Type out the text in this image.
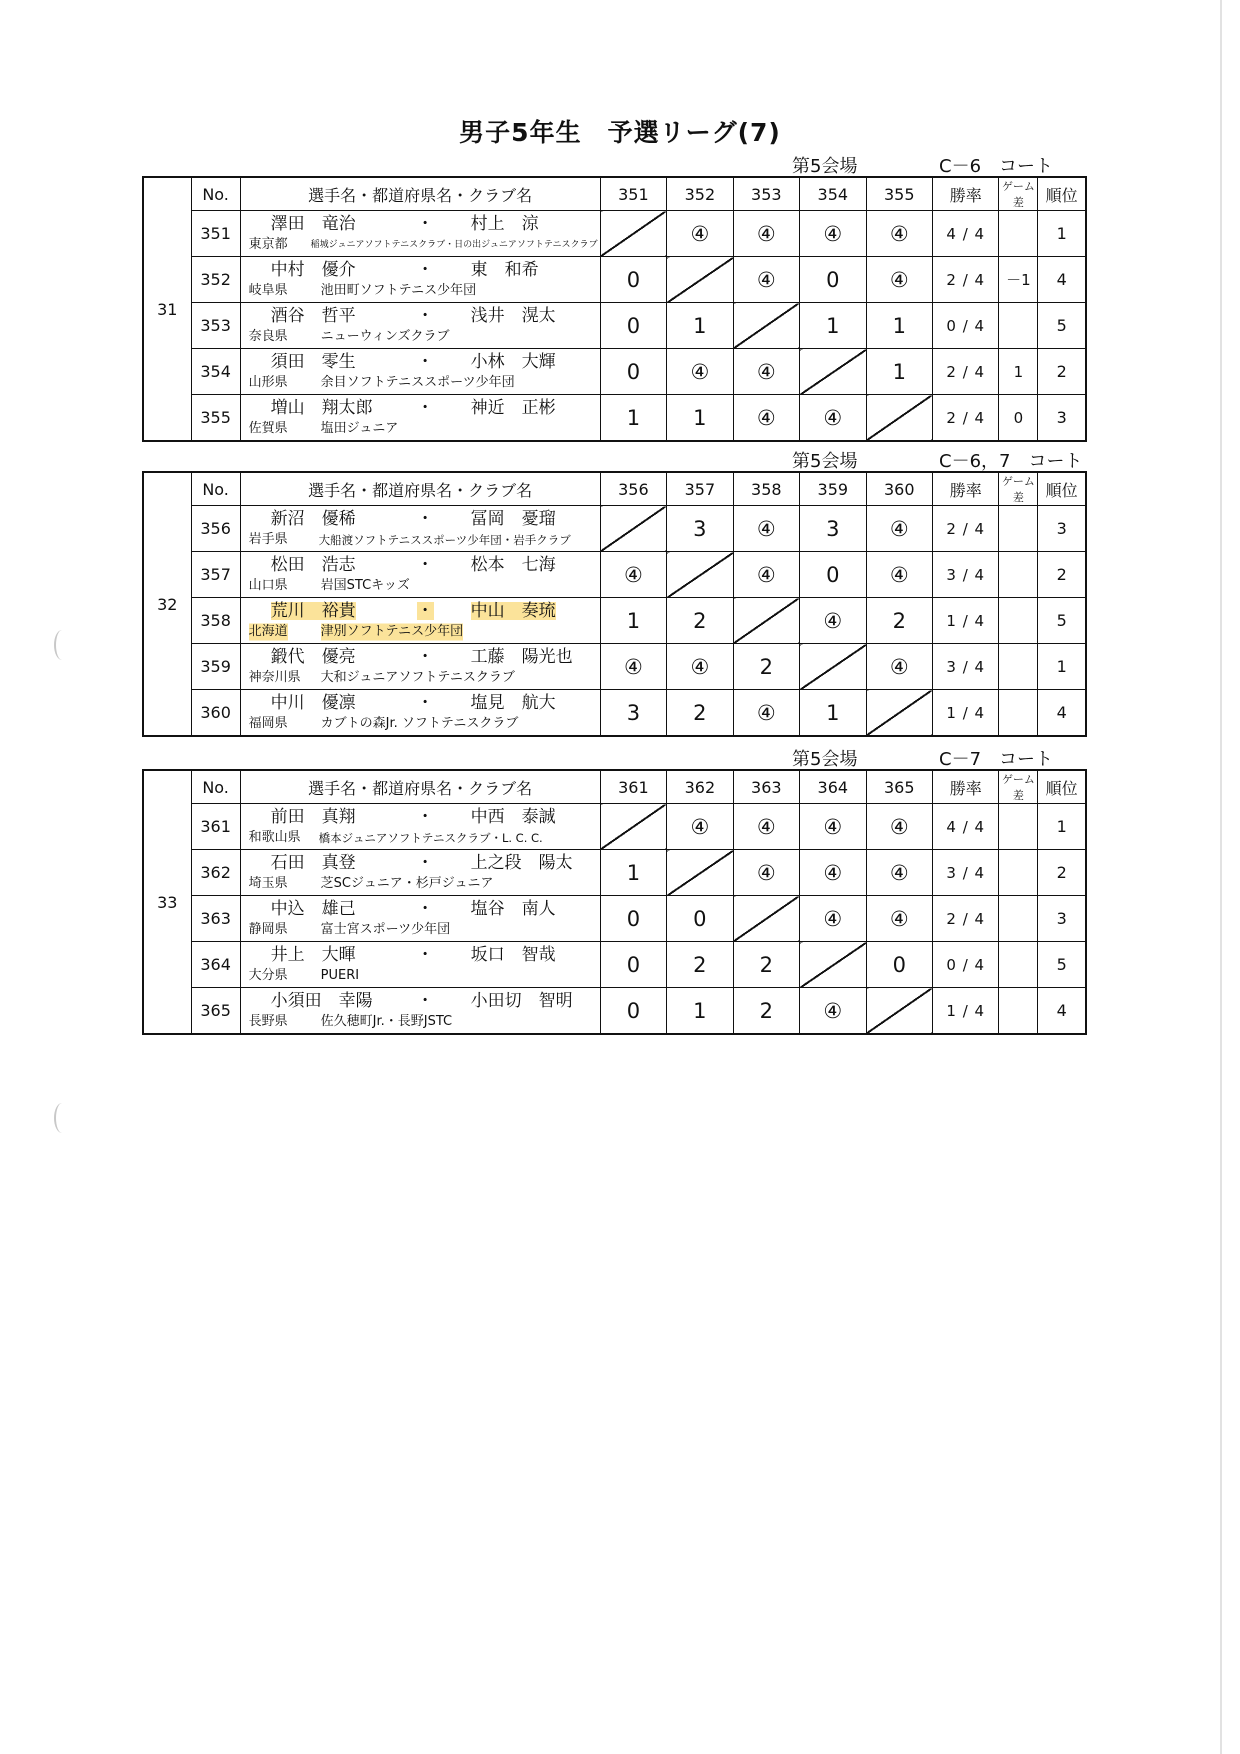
男子5年生　予選リーグ(7)
第5会場	C－6　コート
31	No.	選手名・都道府県名・クラブ名	351	352	353	354	355	勝率	ゲーム差	順位
	351	澤田　竜治 ・ 村上　涼
東京都 稲城ジュニアソフトテニスクラブ・日の出ジュニアソフトテニスクラブ		④	④	④	④	4 / 4		1
	352	中村　優介 ・ 東　和希
岐阜県 池田町ソフトテニス少年団	0		④	0	④	2 / 4	－1	4
	353	酒谷　哲平 ・ 浅井　滉太
奈良県 ニューウィンズクラブ	0	1		1	1	0 / 4		5
	354	須田　零生 ・ 小林　大輝
山形県 余目ソフトテニススポーツ少年団	0	④	④		1	2 / 4	1	2
	355	増山　翔太郎 ・ 神近　正彬
佐賀県 塩田ジュニア	1	1	④	④		2 / 4	0	3
第5会場	C－6，7　コート
32	No.	選手名・都道府県名・クラブ名	356	357	358	359	360	勝率	ゲーム差	順位
	356	新沼　優稀 ・ 冨岡　憂瑠
岩手県 大船渡ソフトテニススポーツ少年団・岩手クラブ		3	④	3	④	2 / 4		3
	357	松田　浩志 ・ 松本　七海
山口県 岩国STCキッズ	④		④	0	④	3 / 4		2
	358	荒川　裕貴 ・ 中山　奏琉
北海道 津別ソフトテニス少年団	1	2		④	2	1 / 4		5
	359	鍛代　優亮 ・ 工藤　陽光也
神奈川県 大和ジュニアソフトテニスクラブ	④	④	2		④	3 / 4		1
	360	中川　優凛 ・ 塩見　航大
福岡県 カブトの森Jr. ソフトテニスクラブ	3	2	④	1		1 / 4		4
第5会場	C－7　コート
33	No.	選手名・都道府県名・クラブ名	361	362	363	364	365	勝率	ゲーム差	順位
	361	前田　真翔 ・ 中西　泰誠
和歌山県 橋本ジュニアソフトテニスクラブ・L. C. C.		④	④	④	④	4 / 4		1
	362	石田　真登 ・ 上之段　陽太
埼玉県 芝SCジュニア・杉戸ジュニア	1		④	④	④	3 / 4		2
	363	中込　雄己 ・ 塩谷　南人
静岡県 富士宮スポーツ少年団	0	0		④	④	2 / 4		3
	364	井上　大暉 ・ 坂口　智哉
大分県 PUERI	0	2	2		0	0 / 4		5
	365	小須田　幸陽 ・ 小田切　智明
長野県 佐久穂町Jr.・長野JSTC	0	1	2	④		1 / 4		4
